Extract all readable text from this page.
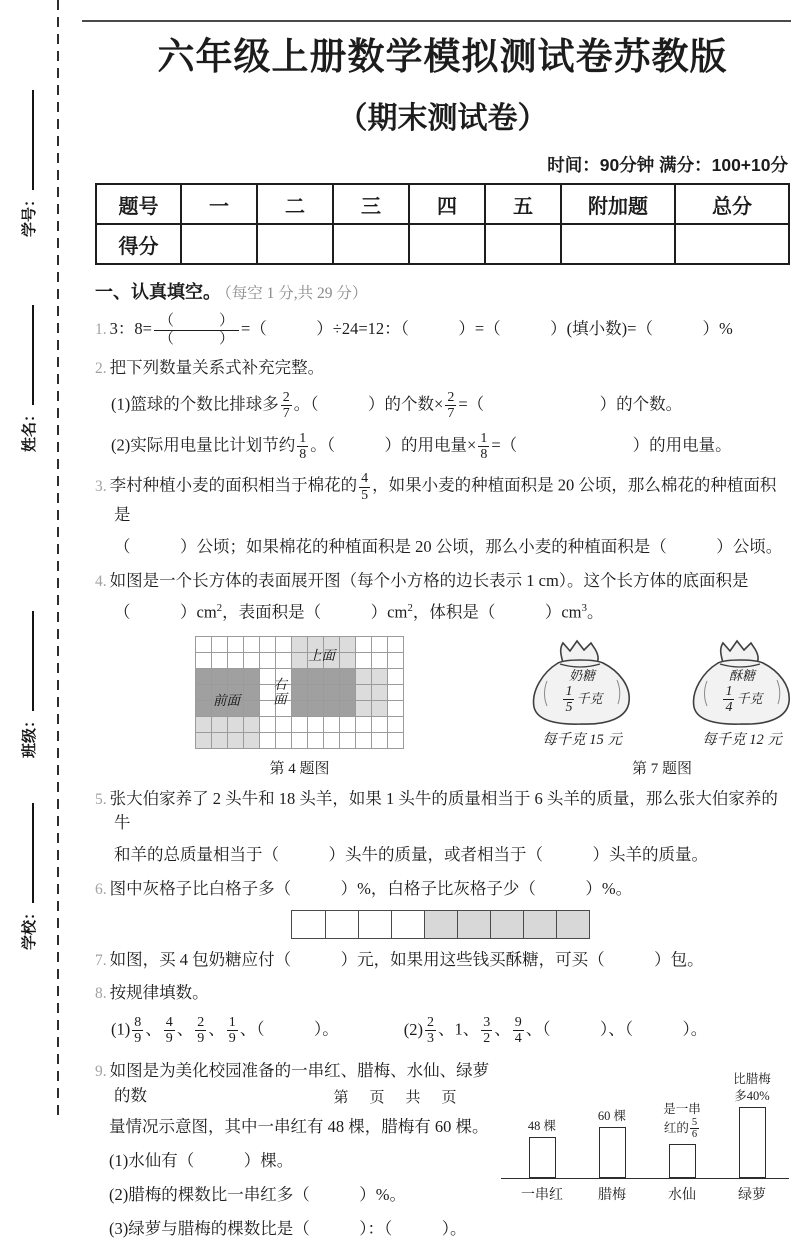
学号：
姓名：
班级：
学校：
六年级上册数学模拟测试卷苏教版
（期末测试卷）
时间：90分钟 满分：100+10分
题号	一	二	三	四	五	附加题	总分
得分							
一、认真填空。 （每空 1 分,共 29 分）
1. 3：$8= \frac{( )}{( )}$ =（　　　）÷24=12：（　　　）=（　　　）(填小数)=（　　　）%
2. 把下列数量关系式补充完整。
(1)篮球的个数比排球多 $\frac{2}{7}$ 。（　　　）的个数× $\frac{2}{7}$ =（　　　　　　　）的个数。
(2)实际用电量比计划节约 $\frac{1}{8}$ 。（　　　）的用电量× $\frac{1}{8}$ =（　　　　　　　）的用电量。
3. 李村种植小麦的面积相当于棉花的 $\frac{4}{5}$ ，如果小麦的种植面积是 20 公顷，那么棉花的种植面积是
（　　　）公顷；如果棉花的种植面积是 20 公顷，那么小麦的种植面积是（　　　）公顷。
4. 如图是一个长方体的表面展开图（每个小方格的边长表示 1 cm）。这个长方体的底面积是
（　　　）$cm^2$，表面积是（　　　）$cm^2$，体积是（　　　）$cm^3$。
上面
前面 右面
第 4 题图
奶糖
$\frac{1}{5}$ 千克
每千克 15 元
酥糖
$\frac{1}{4}$ 千克
每千克 12 元
第 7 题图
5. 张大伯家养了 2 头牛和 18 头羊，如果 1 头牛的质量相当于 6 头羊的质量，那么张大伯家养的牛
和羊的总质量相当于（　　　）头牛的质量，或者相当于（　　　）头羊的质量。
6. 图中灰格子比白格子多（　　　）%，白格子比灰格子少（　　　）%。
7. 如图，买 4 包奶糖应付（　　　）元，如果用这些钱买酥糖，可买（　　　）包。
8. 按规律填数。
$(1) \frac{8}{9}$ 、 $\frac{4}{9}$ 、 $\frac{2}{9}$ 、 $\frac{1}{9}$ 、（　　　）。	$(2) \frac{2}{3}$ 、1、 $\frac{3}{2}$ 、 $\frac{9}{4}$ 、（　　　）、（　　　）。
9. 如图是为美化校园准备的一串红、腊梅、水仙、绿萝的数
量情况示意图，其中一串红有 48 棵，腊梅有 60 棵。
(1)水仙有（　　　）棵。
(2)腊梅的棵数比一串红多（　　　）%。
(3)绿萝与腊梅的棵数比是（　　　）：（　　　）。
48 棵
60 棵
是一串
红的 $\frac{5}{6}$
比腊梅
多40%
一串红	腊梅	水仙	绿萝
第　页　共　页
